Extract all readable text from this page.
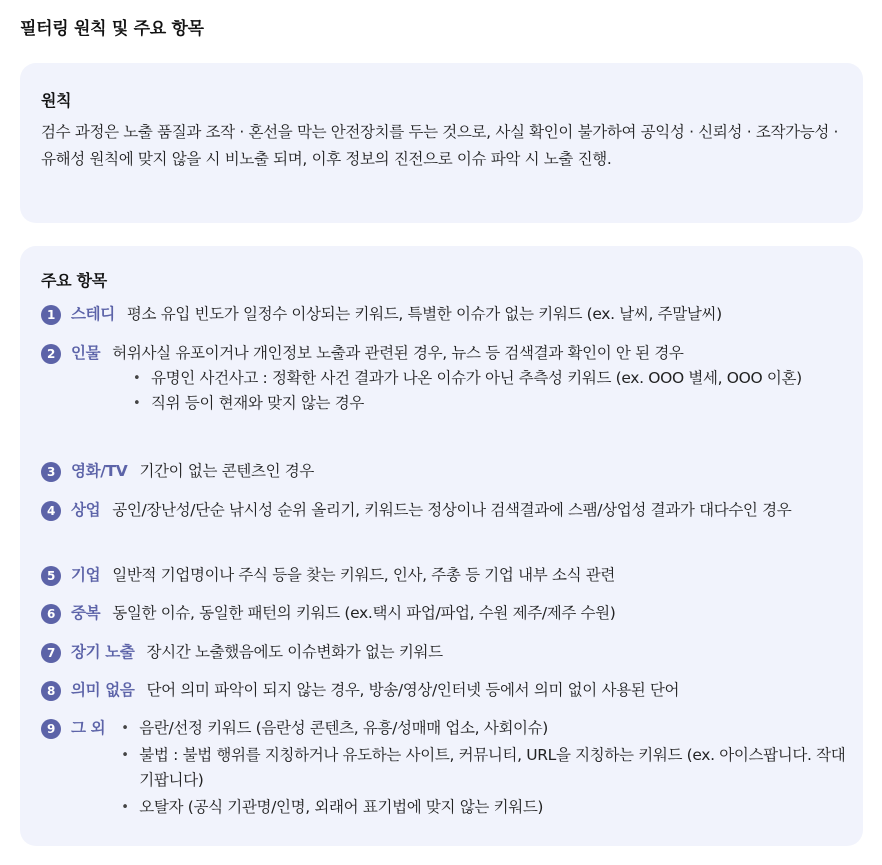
필터링 원칙 및 주요 항목
원칙

검수 과정은 노출 품질과 조작 · 혼선을 막는 안전장치를 두는 것으로, 사실 확인이 불가하여 공익성 · 신뢰성 · 조작가능성 · 유해성 원칙에 맞지 않을 시 비노출 되며, 이후 정보의 진전으로 이슈 파악 시 노출 진행.

주요 항목
1	스테디 평소 유입 빈도가 일정수 이상되는 키워드, 특별한 이슈가 없는 키워드 (ex. 날씨, 주말날씨)
2	인물 허위사실 유포이거나 개인정보 노출과 관련된 경우, 뉴스 등 검색결과 확인이 안 된 경우
• 유명인 사건사고 : 정확한 사건 결과가 나온 이슈가 아닌 추측성 키워드 (ex. OOO 별세, OOO 이혼)
• 직위 등이 현재와 맞지 않는 경우
3	영화/TV 기간이 없는 콘텐츠인 경우
4	상업 공인/장난성/단순 낚시성 순위 올리기, 키워드는 정상이나 검색결과에 스팸/상업성 결과가 대다수인 경우
5	기업 일반적 기업명이나 주식 등을 찾는 키워드, 인사, 주총 등 기업 내부 소식 관련
6	중복 동일한 이슈, 동일한 패턴의 키워드 (ex.택시 파업/파업, 수원 제주/제주 수원)
7	장기 노출 장시간 노출했음에도 이슈변화가 없는 키워드
8	의미 없음 단어 의미 파악이 되지 않는 경우, 방송/영상/인터넷 등에서 의미 없이 사용된 단어
9	그 외
•	음란/선정 키워드 (음란성 콘텐츠, 유흥/성매매 업소, 사회이슈)
• 불법 : 불법 행위를 지칭하거나 유도하는 사이트, 커뮤니티, URL을 지칭하는 키워드 (ex. 아이스팝니다. 작대기팝니다)
• 오탈자 (공식 기관명/인명, 외래어 표기법에 맞지 않는 키워드)
